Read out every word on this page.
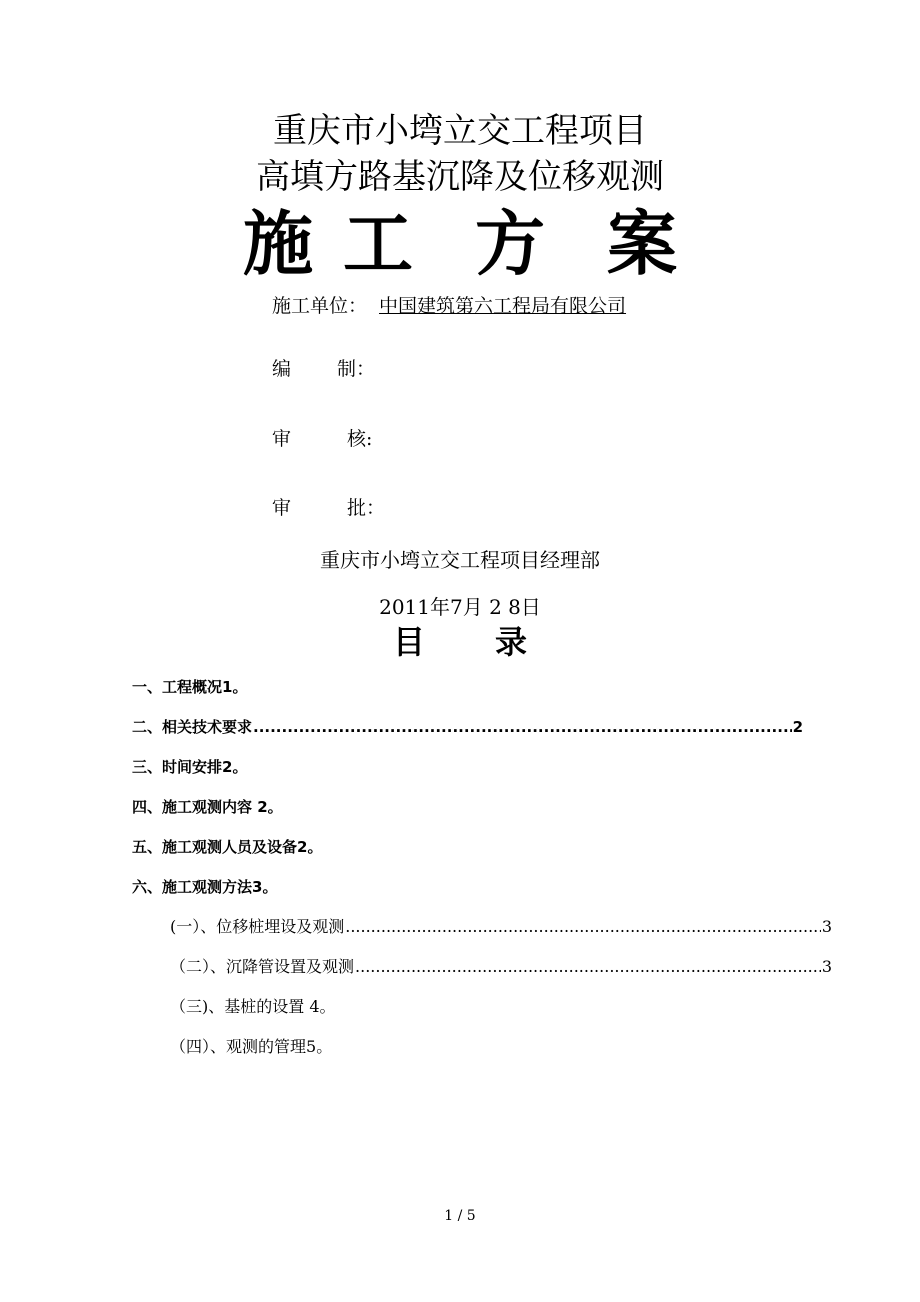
重庆市小塆立交工程项目
高填方路基沉降及位移观测
施 工 方 案
施工单位： 中国建筑第六工程局有限公司
编 制：
审	核:
审	批：
重庆市小塆立交工程项目经理部
2011年7月 2 8日
目 录
一、工程概况1 。
二、相关技术要求 .....	2
三、时间安排2 。
四、施工观测内容 2 。
五、施工观测人员及设备2 。
六、施工观测方法3 。
(一）、位移桩埋设及观测 .....	3
（二）、沉降管设置及观测 .....	3
（三)、基桩的设置 4 。
（四）、观测的管理5 。
1 / 5
